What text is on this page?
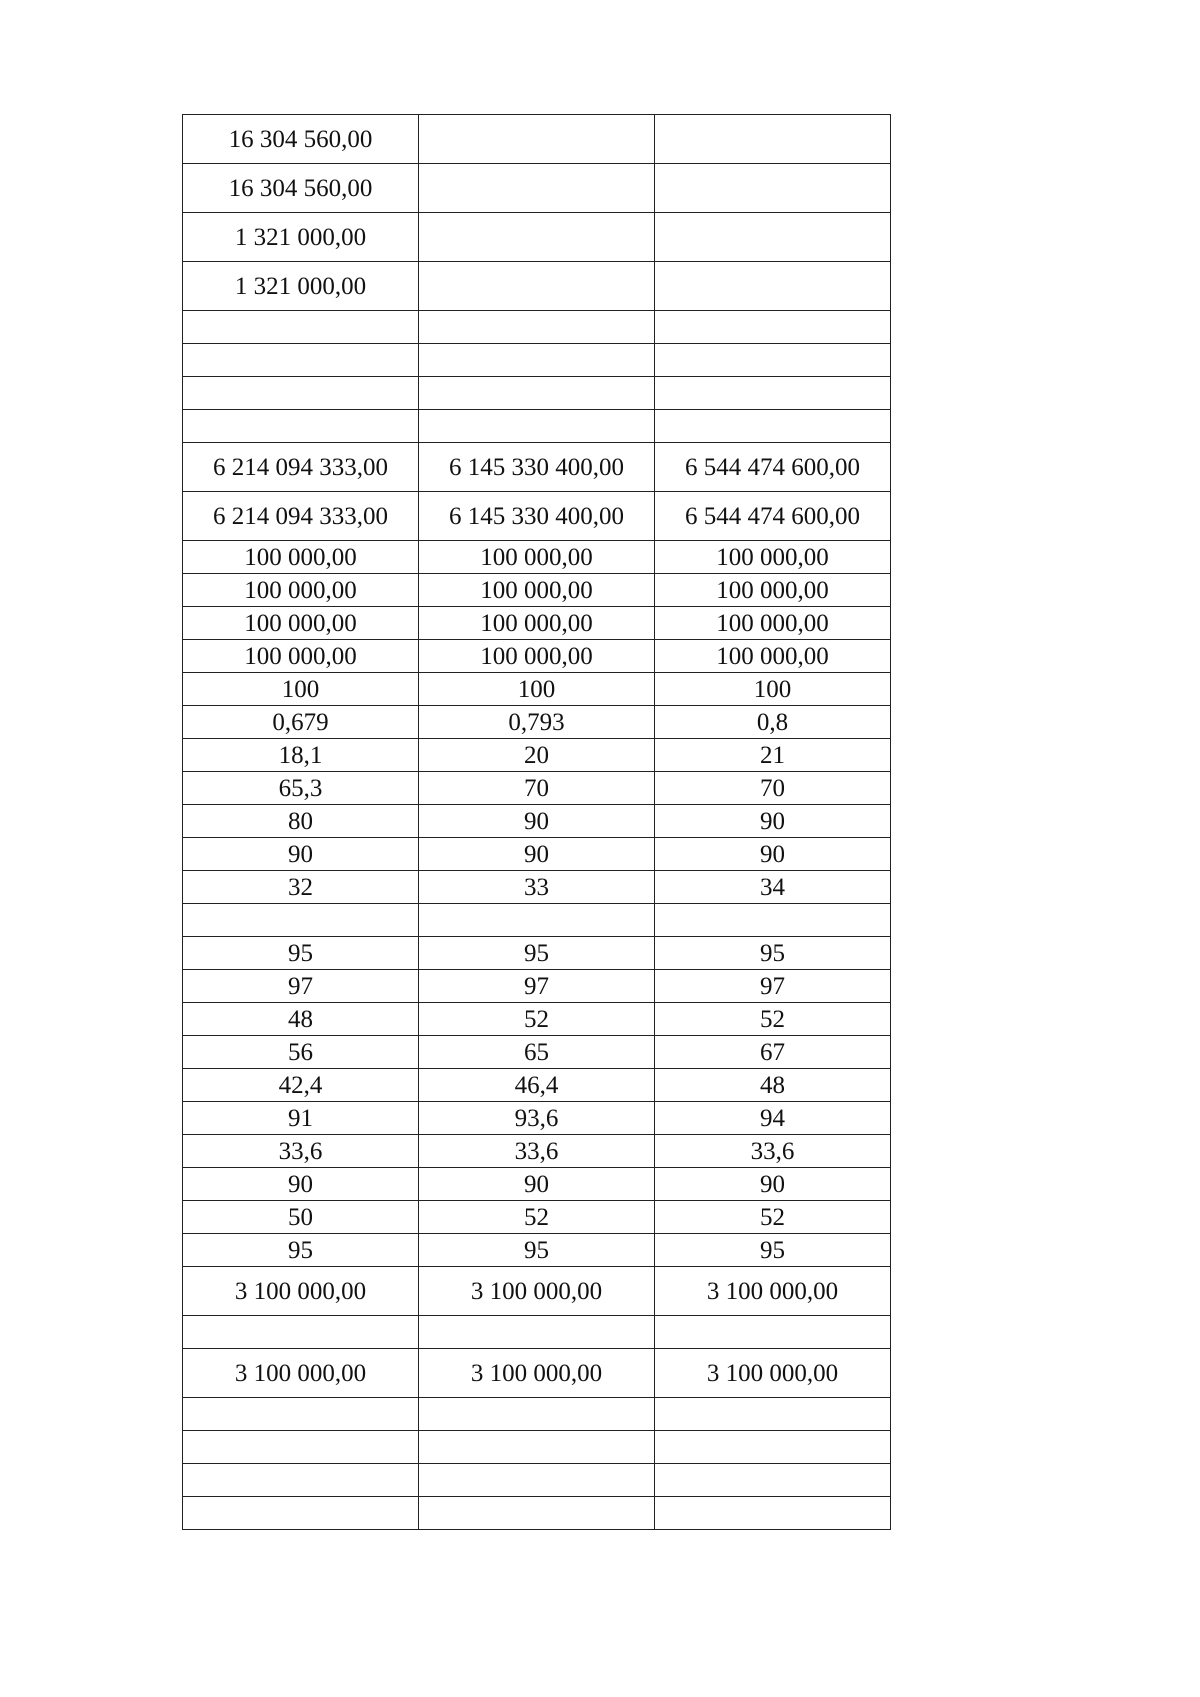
16 304 560,00		
16 304 560,00		
1 321 000,00		
1 321 000,00		

6 214 094 333,00	6 145 330 400,00	6 544 474 600,00
6 214 094 333,00	6 145 330 400,00	6 544 474 600,00
100 000,00	100 000,00	100 000,00
100 000,00	100 000,00	100 000,00
100 000,00	100 000,00	100 000,00
100 000,00	100 000,00	100 000,00
100	100	100
0,679	0,793	0,8
18,1	20	21
65,3	70	70
80	90	90
90	90	90
32	33	34

95	95	95
97	97	97
48	52	52
56	65	67
42,4	46,4	48
91	93,6	94
33,6	33,6	33,6
90	90	90
50	52	52
95	95	95
3 100 000,00	3 100 000,00	3 100 000,00

3 100 000,00	3 100 000,00	3 100 000,00
